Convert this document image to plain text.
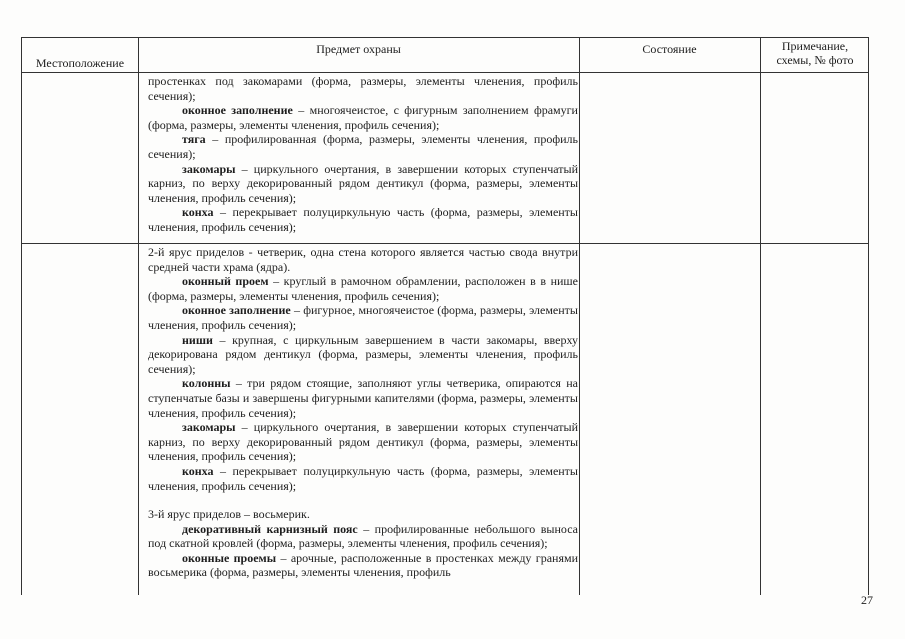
Местоположение
Предмет охраны	Состояние	Примечание,
схемы, № фото

простенках под закомарами (форма, размеры, элементы членения, профиль сечения);

оконное заполнение – многоячеистое, с фигурным заполнением фрамуги (форма, размеры, элементы членения, профиль сечения);

тяга – профилированная (форма, размеры, элементы членения, профиль сечения);

закомары – циркульного очертания, в завершении которых ступенчатый карниз, по верху декорированный рядом дентикул (форма, размеры, элементы членения, профиль сечения);

конха – перекрывает полуциркульную часть (форма, размеры, элементы членения, профиль сечения);

2-й ярус приделов - четверик, одна стена которого является частью свода внутри средней части храма (ядра).

оконный проем – круглый в рамочном обрамлении, расположен в в нише (форма, размеры, элементы членения, профиль сечения);

оконное заполнение – фигурное, многоячеистое (форма, размеры, элементы членения, профиль сечения);

ниши – крупная, с циркульным завершением в части закомары, вверху декорирована рядом дентикул (форма, размеры, элементы членения, профиль сечения);

колонны – три рядом стоящие, заполняют углы четверика, опираются на ступенчатые базы и завершены фигурными капителями (форма, размеры, элементы членения, профиль сечения);

закомары – циркульного очертания, в завершении которых ступенчатый карниз, по верху декорированный рядом дентикул (форма, размеры, элементы членения, профиль сечения);

конха – перекрывает полуциркульную часть (форма, размеры, элементы членения, профиль сечения);

3-й ярус приделов – восьмерик.

декоративный карнизный пояс – профилированные небольшого выноса под скатной кровлей (форма, размеры, элементы членения, профиль сечения);

оконные проемы – арочные, расположенные в простенках между гранями восьмерика (форма, размеры, элементы членения, профиль

27
